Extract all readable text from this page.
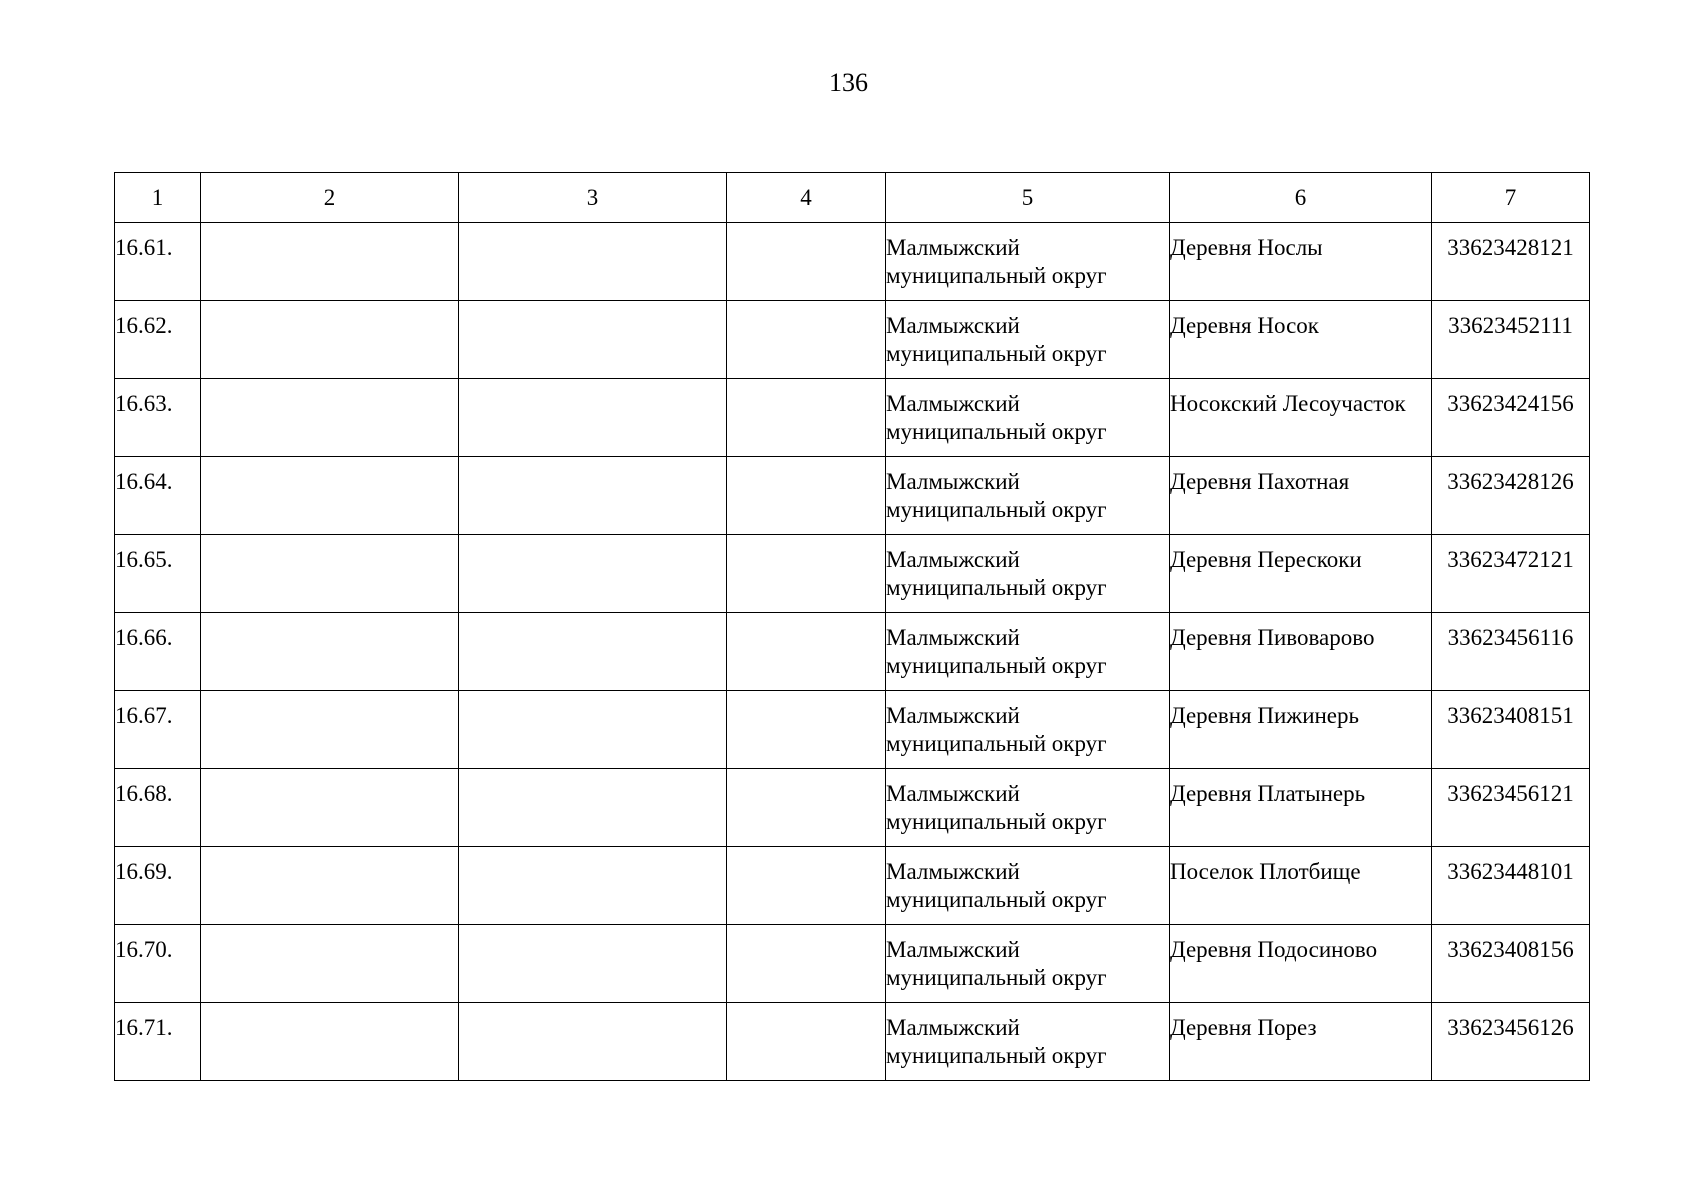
136
1	2	3	4	5	6	7
16.61.				Малмыжский муниципальный округ	Деревня Ноcлы	33623428121
16.62.				Малмыжский муниципальный округ	Деревня Носок	33623452111
16.63.				Малмыжский муниципальный округ	Носокский Лесоучасток	33623424156
16.64.				Малмыжский муниципальный округ	Деревня Пахотная	33623428126
16.65.				Малмыжский муниципальный округ	Деревня Перескоки	33623472121
16.66.				Малмыжский муниципальный округ	Деревня Пивоварово	33623456116
16.67.				Малмыжский муниципальный округ	Деревня Пижинерь	33623408151
16.68.				Малмыжский муниципальный округ	Деревня Платынерь	33623456121
16.69.				Малмыжский муниципальный округ	Поселок Плотбище	33623448101
16.70.				Малмыжский муниципальный округ	Деревня Подосиново	33623408156
16.71.				Малмыжский муниципальный округ	Деревня Порез	33623456126
